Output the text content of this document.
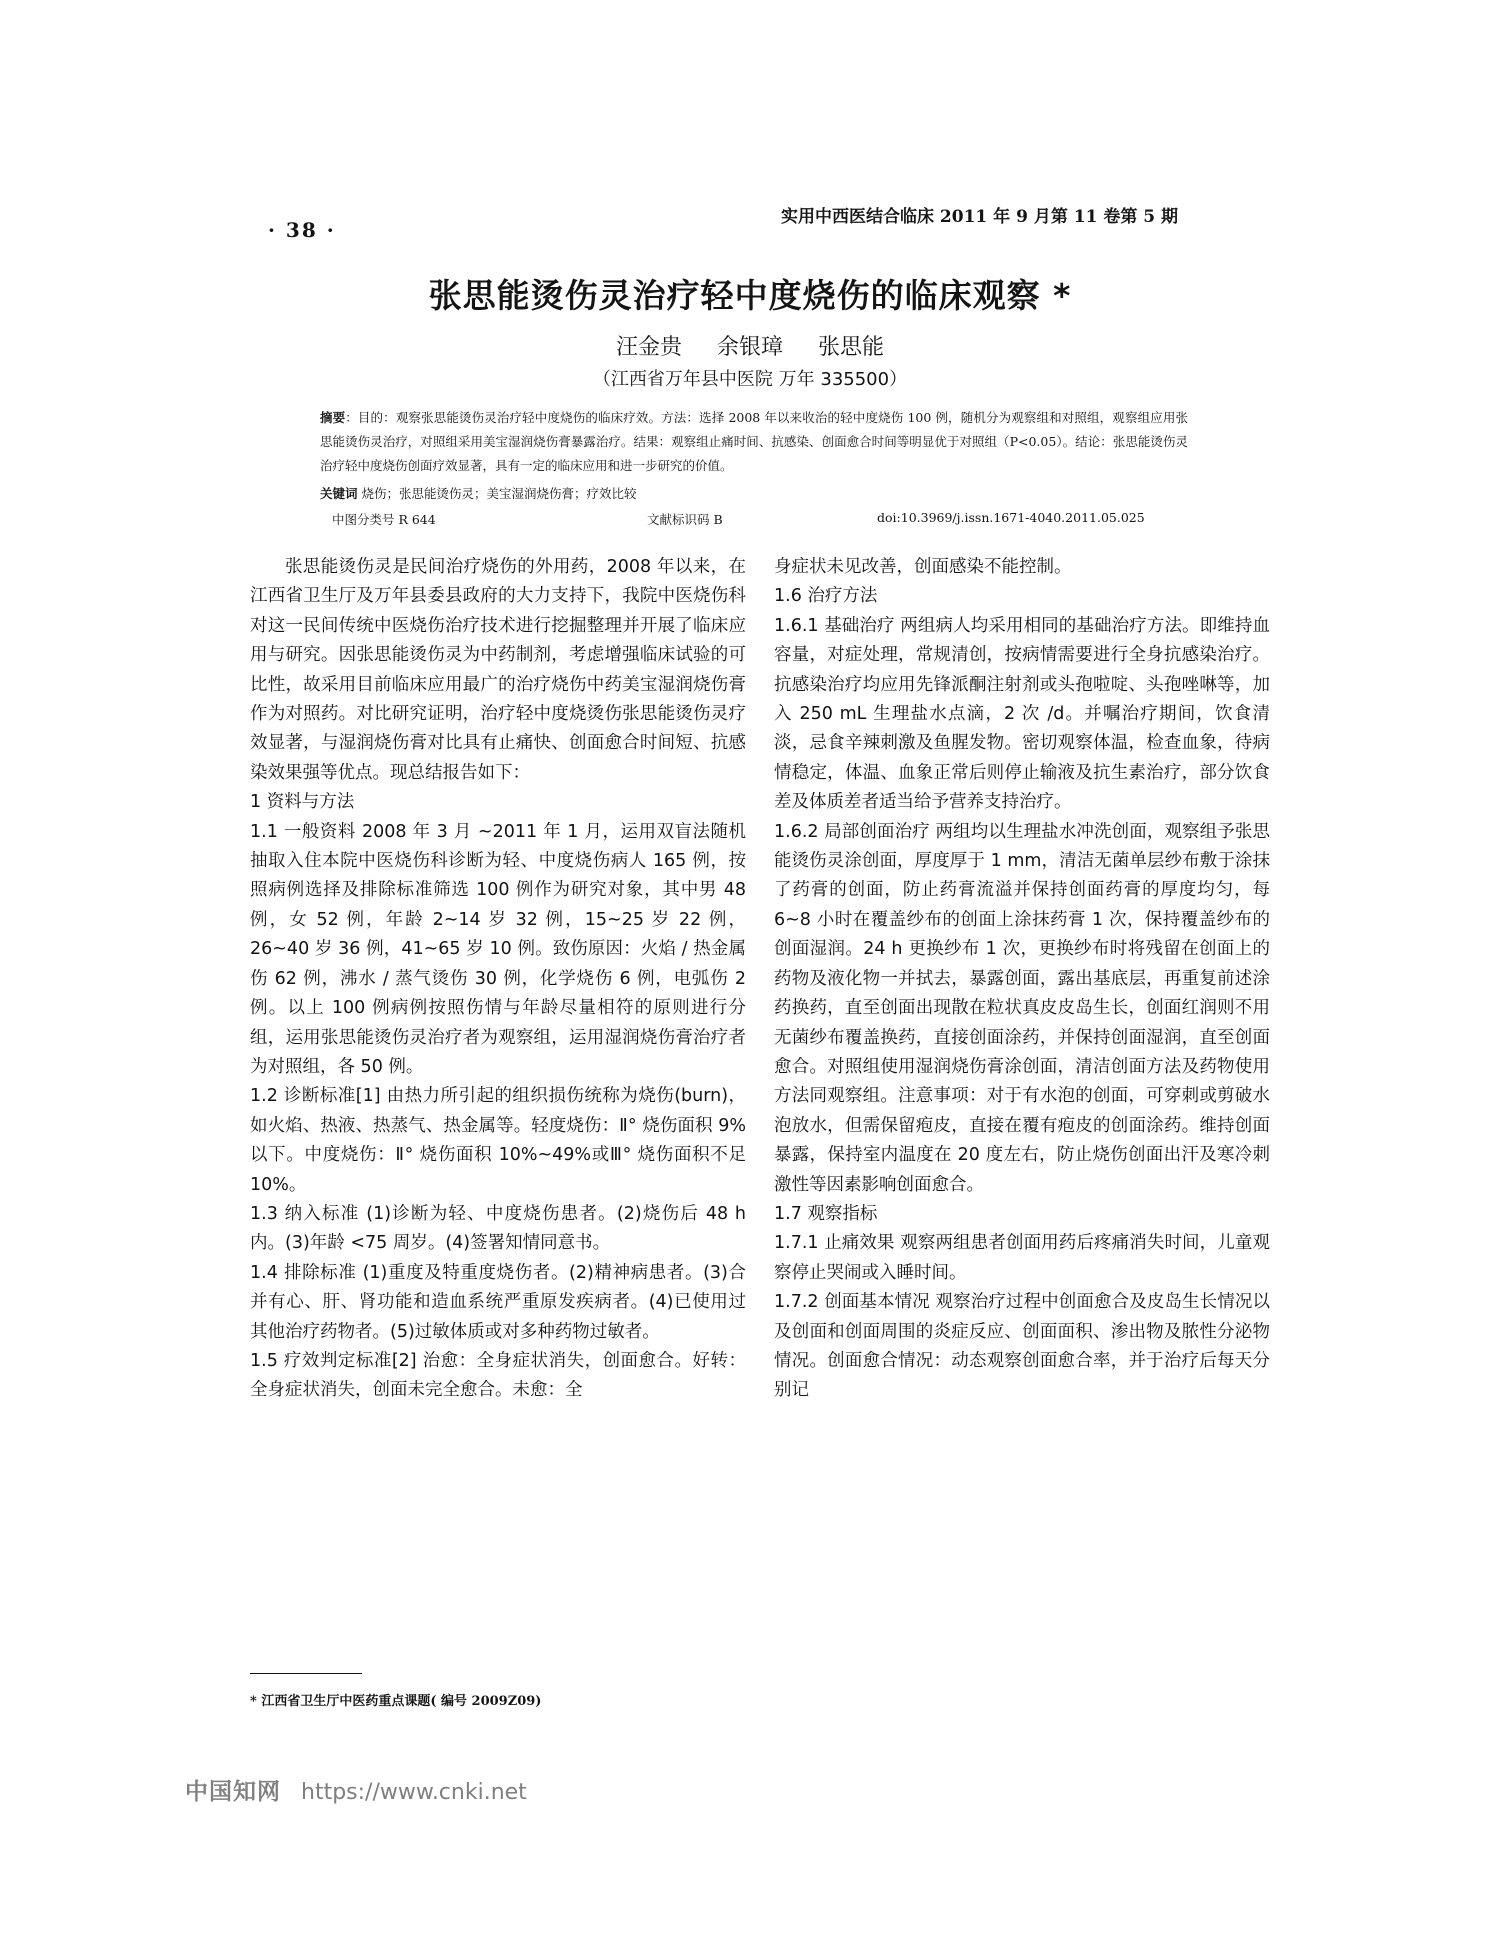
· 38 ·
实用中西医结合临床 2011 年 9 月第 11 卷第 5 期
张思能烫伤灵治疗轻中度烧伤的临床观察 *
汪金贵 余银璋 张思能
（江西省万年县中医院 万年 335500）
摘要：目的：观察张思能烫伤灵治疗轻中度烧伤的临床疗效。方法：选择 2008 年以来收治的轻中度烧伤 100 例，随机分为观察组和对照组，观察组应用张思能烫伤灵治疗，对照组采用美宝湿润烧伤膏暴露治疗。结果：观察组止痛时间、抗感染、创面愈合时间等明显优于对照组（P<0.05）。结论：张思能烫伤灵治疗轻中度烧伤创面疗效显著，具有一定的临床应用和进一步研究的价值。
关键词 烧伤；张思能烫伤灵；美宝湿润烧伤膏；疗效比较
中图分类号 R 644	文献标识码 B	doi:10.3969/j.issn.1671-4040.2011.05.025

张思能烫伤灵是民间治疗烧伤的外用药，2008 年以来，在江西省卫生厅及万年县委县政府的大力支持下，我院中医烧伤科对这一民间传统中医烧伤治疗技术进行挖掘整理并开展了临床应用与研究。因张思能烫伤灵为中药制剂，考虑增强临床试验的可比性，故采用目前临床应用最广的治疗烧伤中药美宝湿润烧伤膏作为对照药。对比研究证明，治疗轻中度烧烫伤张思能烫伤灵疗效显著，与湿润烧伤膏对比具有止痛快、创面愈合时间短、抗感染效果强等优点。现总结报告如下：

1 资料与方法

1.1 一般资料 2008 年 3 月 ~2011 年 1 月，运用双盲法随机抽取入住本院中医烧伤科诊断为轻、中度烧伤病人 165 例，按照病例选择及排除标准筛选 100 例作为研究对象，其中男 48 例，女 52 例，年龄 2~14 岁 32 例，15~25 岁 22 例，26~40 岁 36 例，41~65 岁 10 例。致伤原因：火焰 / 热金属伤 62 例，沸水 / 蒸气烫伤 30 例，化学烧伤 6 例，电弧伤 2 例。以上 100 例病例按照伤情与年龄尽量相符的原则进行分组，运用张思能烫伤灵治疗者为观察组，运用湿润烧伤膏治疗者为对照组，各 50 例。

1.2 诊断标准[1] 由热力所引起的组织损伤统称为烧伤(burn)，如火焰、热液、热蒸气、热金属等。轻度烧伤：Ⅱ° 烧伤面积 9%以下。中度烧伤：Ⅱ° 烧伤面积 10%~49%或Ⅲ° 烧伤面积不足 10%。

1.3 纳入标准 (1)诊断为轻、中度烧伤患者。(2)烧伤后 48 h 内。(3)年龄 <75 周岁。(4)签署知情同意书。

1.4 排除标准 (1)重度及特重度烧伤者。(2)精神病患者。(3)合并有心、肝、肾功能和造血系统严重原发疾病者。(4)已使用过其他治疗药物者。(5)过敏体质或对多种药物过敏者。

1.5 疗效判定标准[2] 治愈：全身症状消失，创面愈合。好转：全身症状消失，创面未完全愈合。未愈：全

身症状未见改善，创面感染不能控制。

1.6 治疗方法

1.6.1 基础治疗 两组病人均采用相同的基础治疗方法。即维持血容量，对症处理，常规清创，按病情需要进行全身抗感染治疗。抗感染治疗均应用先锋派酮注射剂或头孢啦啶、头孢唑啉等，加入 250 mL 生理盐水点滴，2 次 /d。并嘱治疗期间，饮食清淡，忌食辛辣刺激及鱼腥发物。密切观察体温，检查血象，待病情稳定，体温、血象正常后则停止输液及抗生素治疗，部分饮食差及体质差者适当给予营养支持治疗。

1.6.2 局部创面治疗 两组均以生理盐水冲洗创面，观察组予张思能烫伤灵涂创面，厚度厚于 1 mm，清洁无菌单层纱布敷于涂抹了药膏的创面，防止药膏流溢并保持创面药膏的厚度均匀，每 6~8 小时在覆盖纱布的创面上涂抹药膏 1 次，保持覆盖纱布的创面湿润。24 h 更换纱布 1 次，更换纱布时将残留在创面上的药物及液化物一并拭去，暴露创面，露出基底层，再重复前述涂药换药，直至创面出现散在粒状真皮皮岛生长，创面红润则不用无菌纱布覆盖换药，直接创面涂药，并保持创面湿润，直至创面愈合。对照组使用湿润烧伤膏涂创面，清洁创面方法及药物使用方法同观察组。注意事项：对于有水泡的创面，可穿刺或剪破水泡放水，但需保留疱皮，直接在覆有疱皮的创面涂药。维持创面暴露，保持室内温度在 20 度左右，防止烧伤创面出汗及寒冷刺激性等因素影响创面愈合。

1.7 观察指标

1.7.1 止痛效果 观察两组患者创面用药后疼痛消失时间，儿童观察停止哭闹或入睡时间。

1.7.2 创面基本情况 观察治疗过程中创面愈合及皮岛生长情况以及创面和创面周围的炎症反应、创面面积、渗出物及脓性分泌物情况。创面愈合情况：动态观察创面愈合率，并于治疗后每天分别记

* 江西省卫生厅中医药重点课题( 编号 2009Z09)
中国知网 https://www.cnki.net
